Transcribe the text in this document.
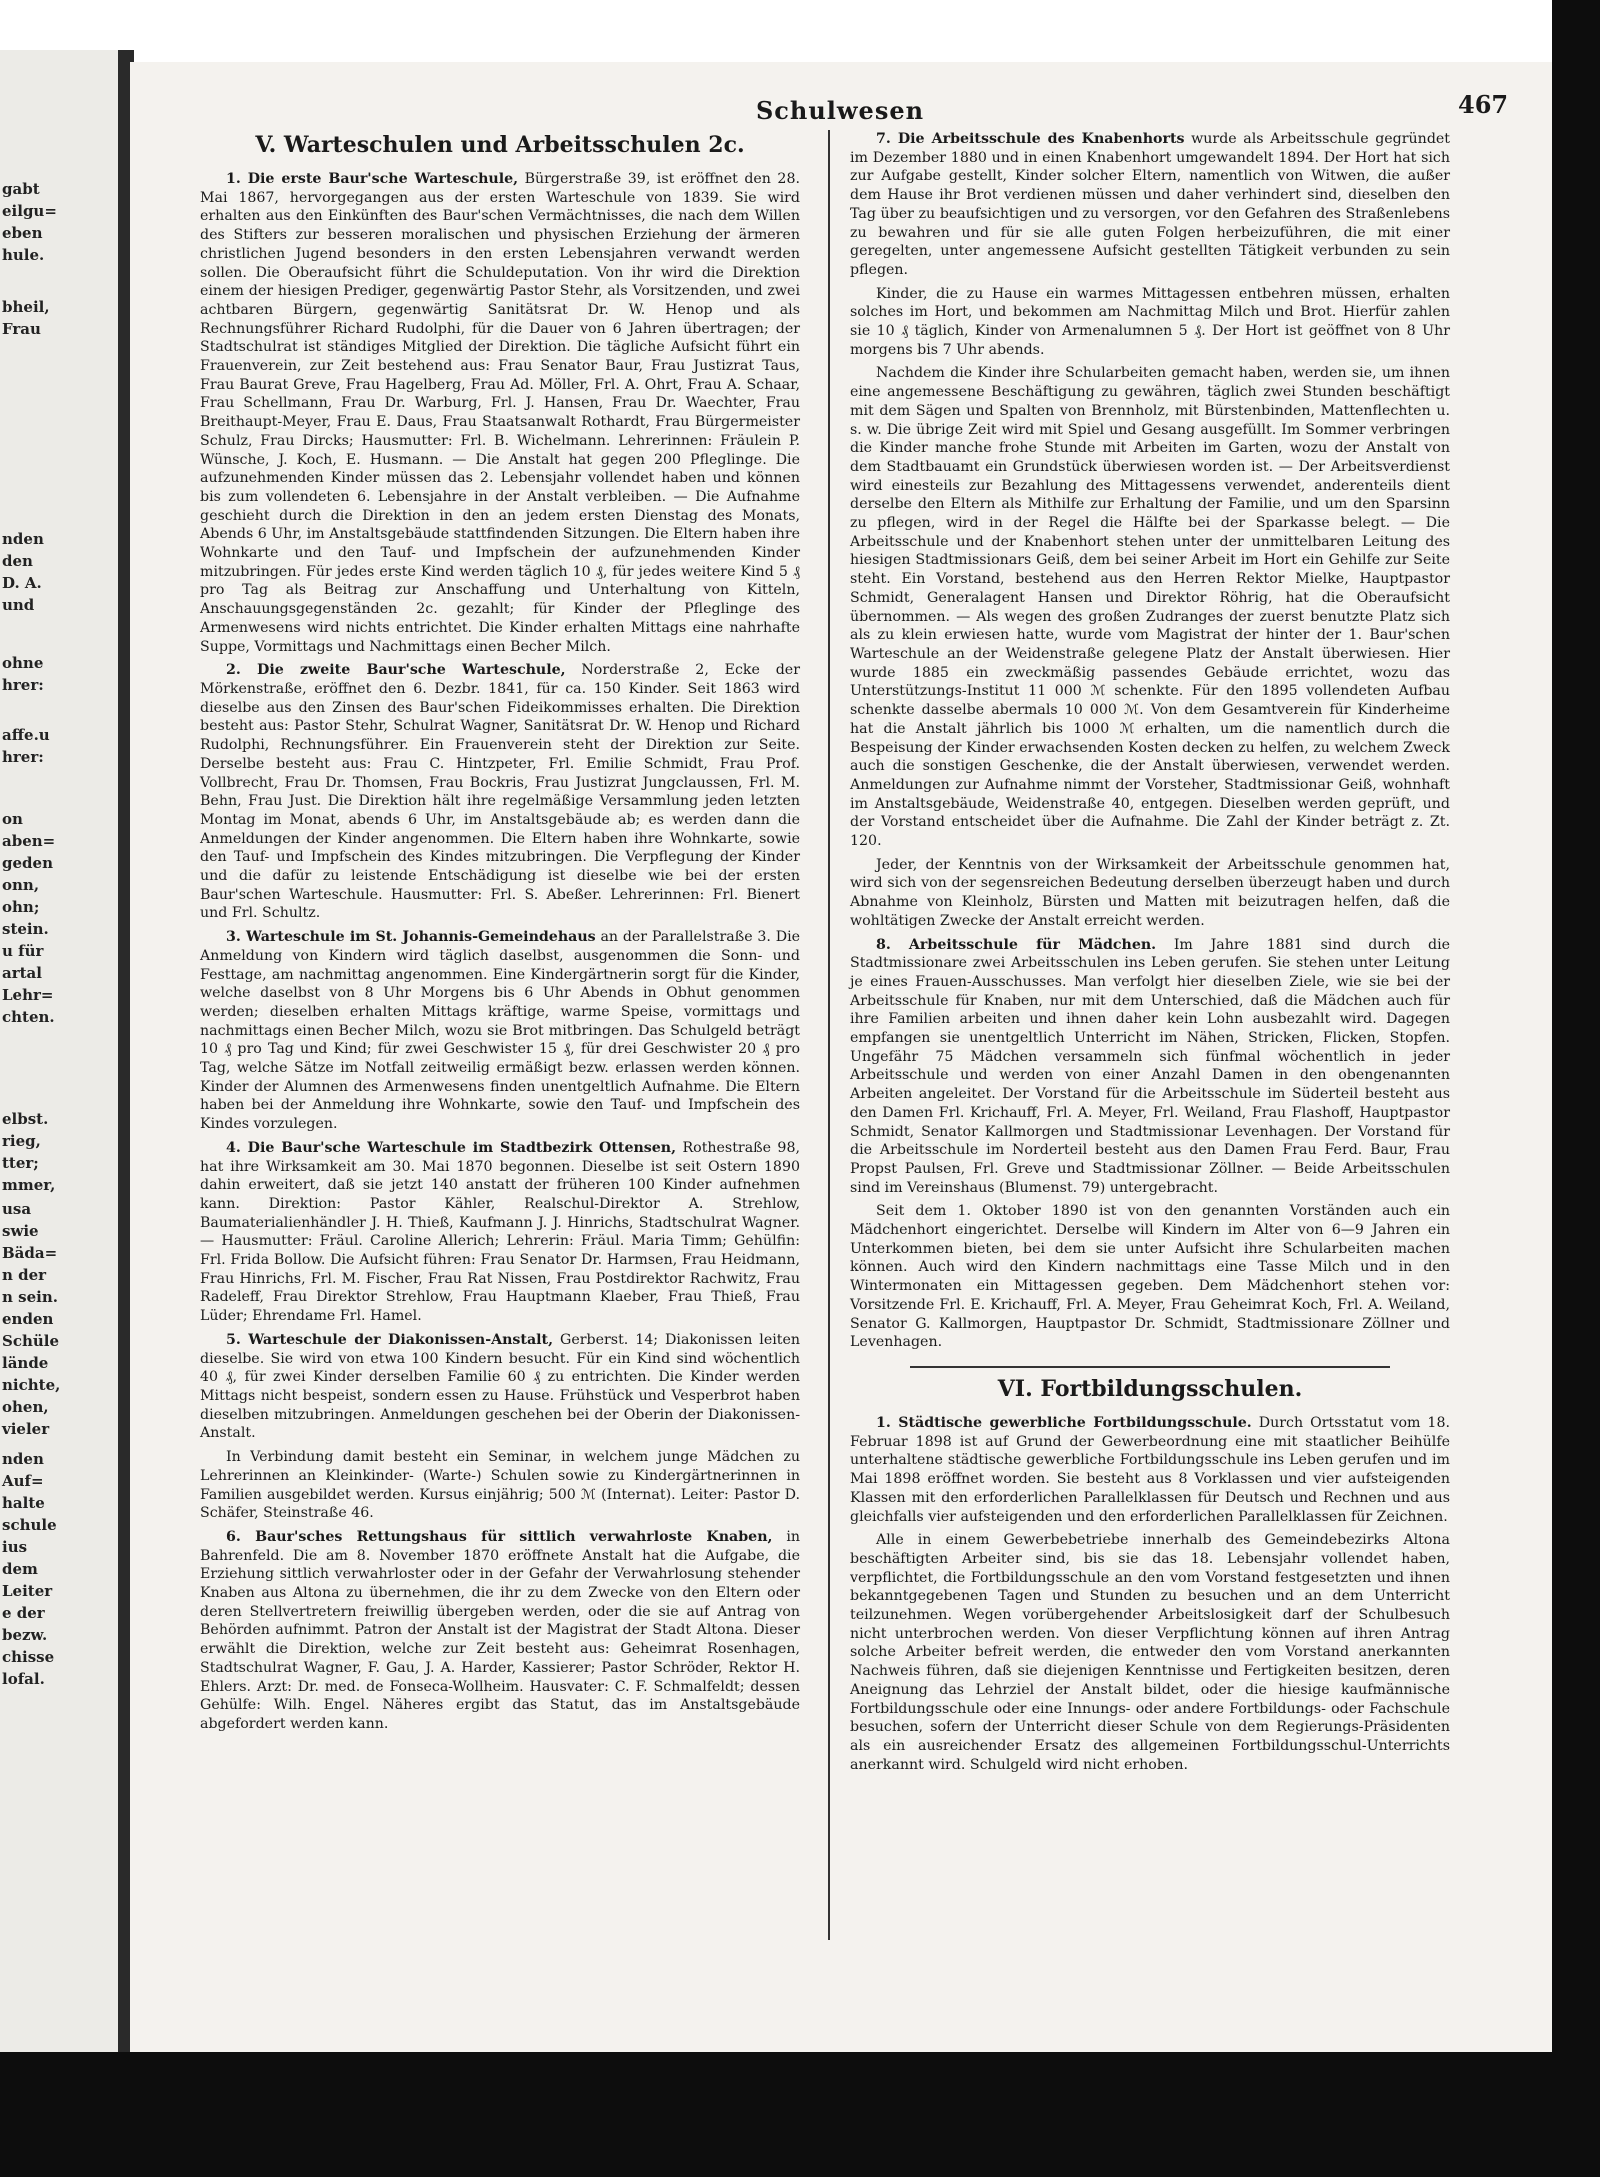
gabt
eilgu=
eben
hule.
bheil,
Frau
nden
den
D. A.
und
ohne
hrer:
affe.u
hrer:
on
aben=
geden
onn,
ohn;
stein.
u für
artal
Lehr=
chten.
elbst.
rieg,
tter;
mmer,
usa
swie
Bäda=
n der
n sein.
enden
Schüle
lände
nichte,
ohen,
vieler
nden
Auf=
halte
schule
ius
dem
Leiter
e der
bezw.
chisse
lofal.
Schulwesen	467
V. Warteschulen und Arbeitsschulen 2c.
1. Die erste Baur'sche Warteschule, Bürgerstraße 39, ist eröffnet den 28. Mai 1867, hervorgegangen aus der ersten Warteschule von 1839. Sie wird erhalten aus den Einkünften des Baur'schen Vermächtnisses, die nach dem Willen des Stifters zur besseren moralischen und physischen Erziehung der ärmeren christlichen Jugend besonders in den ersten Lebensjahren verwandt werden sollen. Die Oberaufsicht führt die Schuldeputation. Von ihr wird die Direktion einem der hiesigen Prediger, gegenwärtig Pastor Stehr, als Vorsitzenden, und zwei achtbaren Bürgern, gegenwärtig Sanitätsrat Dr. W. Henop und als Rechnungsführer Richard Rudolphi, für die Dauer von 6 Jahren übertragen; der Stadtschulrat ist ständiges Mitglied der Direktion. Die tägliche Aufsicht führt ein Frauenverein, zur Zeit bestehend aus: Frau Senator Baur, Frau Justizrat Taus, Frau Baurat Greve, Frau Hagelberg, Frau Ad. Möller, Frl. A. Ohrt, Frau A. Schaar, Frau Schellmann, Frau Dr. Warburg, Frl. J. Hansen, Frau Dr. Waechter, Frau Breithaupt-Meyer, Frau E. Daus, Frau Staatsanwalt Rothardt, Frau Bürgermeister Schulz, Frau Dircks; Hausmutter: Frl. B. Wichelmann. Lehrerinnen: Fräulein P. Wünsche, J. Koch, E. Husmann. — Die Anstalt hat gegen 200 Pfleglinge. Die aufzunehmenden Kinder müssen das 2. Lebensjahr vollendet haben und können bis zum vollendeten 6. Lebensjahre in der Anstalt verbleiben. — Die Aufnahme geschieht durch die Direktion in den an jedem ersten Dienstag des Monats, Abends 6 Uhr, im Anstaltsgebäude stattfindenden Sitzungen. Die Eltern haben ihre Wohnkarte und den Tauf- und Impfschein der aufzunehmenden Kinder mitzubringen. Für jedes erste Kind werden täglich 10 ₰, für jedes weitere Kind 5 ₰ pro Tag als Beitrag zur Anschaffung und Unterhaltung von Kitteln, Anschauungsgegenständen 2c. gezahlt; für Kinder der Pfleglinge des Armenwesens wird nichts entrichtet. Die Kinder erhalten Mittags eine nahrhafte Suppe, Vormittags und Nachmittags einen Becher Milch.
2. Die zweite Baur'sche Warteschule, Norderstraße 2, Ecke der Mörkenstraße, eröffnet den 6. Dezbr. 1841, für ca. 150 Kinder. Seit 1863 wird dieselbe aus den Zinsen des Baur'schen Fideikommisses erhalten. Die Direktion besteht aus: Pastor Stehr, Schulrat Wagner, Sanitätsrat Dr. W. Henop und Richard Rudolphi, Rechnungsführer. Ein Frauenverein steht der Direktion zur Seite. Derselbe besteht aus: Frau C. Hintzpeter, Frl. Emilie Schmidt, Frau Prof. Vollbrecht, Frau Dr. Thomsen, Frau Bockris, Frau Justizrat Jungclaussen, Frl. M. Behn, Frau Just. Die Direktion hält ihre regelmäßige Versammlung jeden letzten Montag im Monat, abends 6 Uhr, im Anstaltsgebäude ab; es werden dann die Anmeldungen der Kinder angenommen. Die Eltern haben ihre Wohnkarte, sowie den Tauf- und Impfschein des Kindes mitzubringen. Die Verpflegung der Kinder und die dafür zu leistende Entschädigung ist dieselbe wie bei der ersten Baur'schen Warteschule. Hausmutter: Frl. S. Abeßer. Lehrerinnen: Frl. Bienert und Frl. Schultz.
3. Warteschule im St. Johannis-Gemeindehaus an der Parallelstraße 3. Die Anmeldung von Kindern wird täglich daselbst, ausgenommen die Sonn- und Festtage, am nachmittag angenommen. Eine Kindergärtnerin sorgt für die Kinder, welche daselbst von 8 Uhr Morgens bis 6 Uhr Abends in Obhut genommen werden; dieselben erhalten Mittags kräftige, warme Speise, vormittags und nachmittags einen Becher Milch, wozu sie Brot mitbringen. Das Schulgeld beträgt 10 ₰ pro Tag und Kind; für zwei Geschwister 15 ₰, für drei Geschwister 20 ₰ pro Tag, welche Sätze im Notfall zeitweilig ermäßigt bezw. erlassen werden können. Kinder der Alumnen des Armenwesens finden unentgeltlich Aufnahme. Die Eltern haben bei der Anmeldung ihre Wohnkarte, sowie den Tauf- und Impfschein des Kindes vorzulegen.
4. Die Baur'sche Warteschule im Stadtbezirk Ottensen, Rothestraße 98, hat ihre Wirksamkeit am 30. Mai 1870 begonnen. Dieselbe ist seit Ostern 1890 dahin erweitert, daß sie jetzt 140 anstatt der früheren 100 Kinder aufnehmen kann. Direktion: Pastor Kähler, Realschul-Direktor A. Strehlow, Baumaterialienhändler J. H. Thieß, Kaufmann J. J. Hinrichs, Stadtschulrat Wagner. — Hausmutter: Fräul. Caroline Allerich; Lehrerin: Fräul. Maria Timm; Gehülfin: Frl. Frida Bollow. Die Aufsicht führen: Frau Senator Dr. Harmsen, Frau Heidmann, Frau Hinrichs, Frl. M. Fischer, Frau Rat Nissen, Frau Postdirektor Rachwitz, Frau Radeleff, Frau Direktor Strehlow, Frau Hauptmann Klaeber, Frau Thieß, Frau Lüder; Ehrendame Frl. Hamel.
5. Warteschule der Diakonissen-Anstalt, Gerberst. 14; Diakonissen leiten dieselbe. Sie wird von etwa 100 Kindern besucht. Für ein Kind sind wöchentlich 40 ₰, für zwei Kinder derselben Familie 60 ₰ zu entrichten. Die Kinder werden Mittags nicht bespeist, sondern essen zu Hause. Frühstück und Vesperbrot haben dieselben mitzubringen. Anmeldungen geschehen bei der Oberin der Diakonissen-Anstalt.
In Verbindung damit besteht ein Seminar, in welchem junge Mädchen zu Lehrerinnen an Kleinkinder- (Warte-) Schulen sowie zu Kindergärtnerinnen in Familien ausgebildet werden. Kursus einjährig; 500 ℳ (Internat). Leiter: Pastor D. Schäfer, Steinstraße 46.
6. Baur'sches Rettungshaus für sittlich verwahrloste Knaben, in Bahrenfeld. Die am 8. November 1870 eröffnete Anstalt hat die Aufgabe, die Erziehung sittlich verwahrloster oder in der Gefahr der Verwahrlosung stehender Knaben aus Altona zu übernehmen, die ihr zu dem Zwecke von den Eltern oder deren Stellvertretern freiwillig übergeben werden, oder die sie auf Antrag von Behörden aufnimmt. Patron der Anstalt ist der Magistrat der Stadt Altona. Dieser erwählt die Direktion, welche zur Zeit besteht aus: Geheimrat Rosenhagen, Stadtschulrat Wagner, F. Gau, J. A. Harder, Kassierer; Pastor Schröder, Rektor H. Ehlers. Arzt: Dr. med. de Fonseca-Wollheim. Hausvater: C. F. Schmalfeldt; dessen Gehülfe: Wilh. Engel. Näheres ergibt das Statut, das im Anstaltsgebäude abgefordert werden kann.
7. Die Arbeitsschule des Knabenhorts wurde als Arbeitsschule gegründet im Dezember 1880 und in einen Knabenhort umgewandelt 1894. Der Hort hat sich zur Aufgabe gestellt, Kinder solcher Eltern, namentlich von Witwen, die außer dem Hause ihr Brot verdienen müssen und daher verhindert sind, dieselben den Tag über zu beaufsichtigen und zu versorgen, vor den Gefahren des Straßenlebens zu bewahren und für sie alle guten Folgen herbeizuführen, die mit einer geregelten, unter angemessene Aufsicht gestellten Tätigkeit verbunden zu sein pflegen.
Kinder, die zu Hause ein warmes Mittagessen entbehren müssen, erhalten solches im Hort, und bekommen am Nachmittag Milch und Brot. Hierfür zahlen sie 10 ₰ täglich, Kinder von Armenalumnen 5 ₰. Der Hort ist geöffnet von 8 Uhr morgens bis 7 Uhr abends.
Nachdem die Kinder ihre Schularbeiten gemacht haben, werden sie, um ihnen eine angemessene Beschäftigung zu gewähren, täglich zwei Stunden beschäftigt mit dem Sägen und Spalten von Brennholz, mit Bürstenbinden, Mattenflechten u. s. w. Die übrige Zeit wird mit Spiel und Gesang ausgefüllt. Im Sommer verbringen die Kinder manche frohe Stunde mit Arbeiten im Garten, wozu der Anstalt von dem Stadtbauamt ein Grundstück überwiesen worden ist. — Der Arbeitsverdienst wird einesteils zur Bezahlung des Mittagessens verwendet, anderenteils dient derselbe den Eltern als Mithilfe zur Erhaltung der Familie, und um den Sparsinn zu pflegen, wird in der Regel die Hälfte bei der Sparkasse belegt. — Die Arbeitsschule und der Knabenhort stehen unter der unmittelbaren Leitung des hiesigen Stadtmissionars Geiß, dem bei seiner Arbeit im Hort ein Gehilfe zur Seite steht. Ein Vorstand, bestehend aus den Herren Rektor Mielke, Hauptpastor Schmidt, Generalagent Hansen und Direktor Röhrig, hat die Oberaufsicht übernommen. — Als wegen des großen Zudranges der zuerst benutzte Platz sich als zu klein erwiesen hatte, wurde vom Magistrat der hinter der 1. Baur'schen Warteschule an der Weidenstraße gelegene Platz der Anstalt überwiesen. Hier wurde 1885 ein zweckmäßig passendes Gebäude errichtet, wozu das Unterstützungs-Institut 11 000 ℳ schenkte. Für den 1895 vollendeten Aufbau schenkte dasselbe abermals 10 000 ℳ. Von dem Gesamtverein für Kinderheime hat die Anstalt jährlich bis 1000 ℳ erhalten, um die namentlich durch die Bespeisung der Kinder erwachsenden Kosten decken zu helfen, zu welchem Zweck auch die sonstigen Geschenke, die der Anstalt überwiesen, verwendet werden. Anmeldungen zur Aufnahme nimmt der Vorsteher, Stadtmissionar Geiß, wohnhaft im Anstaltsgebäude, Weidenstraße 40, entgegen. Dieselben werden geprüft, und der Vorstand entscheidet über die Aufnahme. Die Zahl der Kinder beträgt z. Zt. 120.
Jeder, der Kenntnis von der Wirksamkeit der Arbeitsschule genommen hat, wird sich von der segensreichen Bedeutung derselben überzeugt haben und durch Abnahme von Kleinholz, Bürsten und Matten mit beizutragen helfen, daß die wohltätigen Zwecke der Anstalt erreicht werden.
8. Arbeitsschule für Mädchen. Im Jahre 1881 sind durch die Stadtmissionare zwei Arbeitsschulen ins Leben gerufen. Sie stehen unter Leitung je eines Frauen-Ausschusses. Man verfolgt hier dieselben Ziele, wie sie bei der Arbeitsschule für Knaben, nur mit dem Unterschied, daß die Mädchen auch für ihre Familien arbeiten und ihnen daher kein Lohn ausbezahlt wird. Dagegen empfangen sie unentgeltlich Unterricht im Nähen, Stricken, Flicken, Stopfen. Ungefähr 75 Mädchen versammeln sich fünfmal wöchentlich in jeder Arbeitsschule und werden von einer Anzahl Damen in den obengenannten Arbeiten angeleitet. Der Vorstand für die Arbeitsschule im Süderteil besteht aus den Damen Frl. Krichauff, Frl. A. Meyer, Frl. Weiland, Frau Flashoff, Hauptpastor Schmidt, Senator Kallmorgen und Stadtmissionar Levenhagen. Der Vorstand für die Arbeitsschule im Norderteil besteht aus den Damen Frau Ferd. Baur, Frau Propst Paulsen, Frl. Greve und Stadtmissionar Zöllner. — Beide Arbeitsschulen sind im Vereinshaus (Blumenst. 79) untergebracht.
Seit dem 1. Oktober 1890 ist von den genannten Vorständen auch ein Mädchenhort eingerichtet. Derselbe will Kindern im Alter von 6—9 Jahren ein Unterkommen bieten, bei dem sie unter Aufsicht ihre Schularbeiten machen können. Auch wird den Kindern nachmittags eine Tasse Milch und in den Wintermonaten ein Mittagessen gegeben. Dem Mädchenhort stehen vor: Vorsitzende Frl. E. Krichauff, Frl. A. Meyer, Frau Geheimrat Koch, Frl. A. Weiland, Senator G. Kallmorgen, Hauptpastor Dr. Schmidt, Stadtmissionare Zöllner und Levenhagen.
VI. Fortbildungsschulen.
1. Städtische gewerbliche Fortbildungsschule. Durch Ortsstatut vom 18. Februar 1898 ist auf Grund der Gewerbeordnung eine mit staatlicher Beihülfe unterhaltene städtische gewerbliche Fortbildungsschule ins Leben gerufen und im Mai 1898 eröffnet worden. Sie besteht aus 8 Vorklassen und vier aufsteigenden Klassen mit den erforderlichen Parallelklassen für Deutsch und Rechnen und aus gleichfalls vier aufsteigenden und den erforderlichen Parallelklassen für Zeichnen.
Alle in einem Gewerbebetriebe innerhalb des Gemeindebezirks Altona beschäftigten Arbeiter sind, bis sie das 18. Lebensjahr vollendet haben, verpflichtet, die Fortbildungsschule an den vom Vorstand festgesetzten und ihnen bekanntgegebenen Tagen und Stunden zu besuchen und an dem Unterricht teilzunehmen. Wegen vorübergehender Arbeitslosigkeit darf der Schulbesuch nicht unterbrochen werden. Von dieser Verpflichtung können auf ihren Antrag solche Arbeiter befreit werden, die entweder den vom Vorstand anerkannten Nachweis führen, daß sie diejenigen Kenntnisse und Fertigkeiten besitzen, deren Aneignung das Lehrziel der Anstalt bildet, oder die hiesige kaufmännische Fortbildungsschule oder eine Innungs- oder andere Fortbildungs- oder Fachschule besuchen, sofern der Unterricht dieser Schule von dem Regierungs-Präsidenten als ein ausreichender Ersatz des allgemeinen Fortbildungsschul-Unterrichts anerkannt wird. Schulgeld wird nicht erhoben.
